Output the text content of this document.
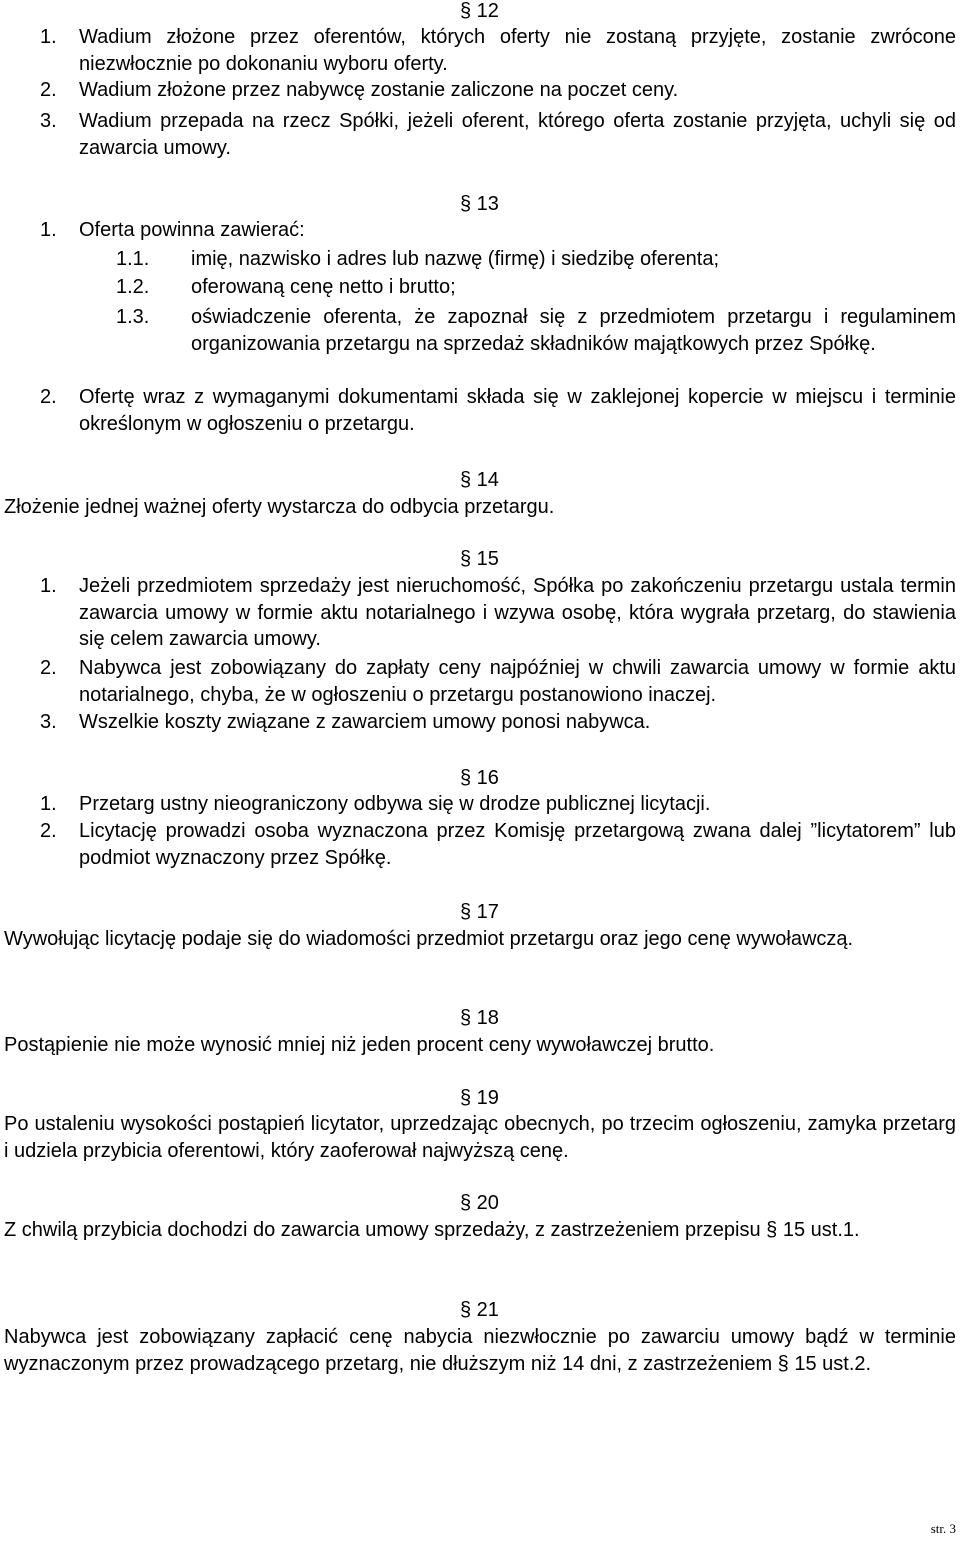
§ 12
1. Wadium złożone przez oferentów, których oferty nie zostaną przyjęte, zostanie zwrócone niezwłocznie po dokonaniu wyboru oferty.
2. Wadium złożone przez nabywcę zostanie zaliczone na poczet ceny.
3. Wadium przepada na rzecz Spółki, jeżeli oferent, którego oferta zostanie przyjęta, uchyli się od zawarcia umowy.
§ 13
1. Oferta powinna zawierać:
1.1. imię, nazwisko i adres lub nazwę (firmę) i siedzibę oferenta;
1.2. oferowaną cenę netto i brutto;
1.3. oświadczenie oferenta, że zapoznał się z przedmiotem przetargu i regulaminem organizowania przetargu na sprzedaż składników majątkowych przez Spółkę.
2. Ofertę wraz z wymaganymi dokumentami składa się w zaklejonej kopercie w miejscu i terminie określonym w ogłoszeniu o przetargu.
§ 14
Złożenie jednej ważnej oferty wystarcza do odbycia przetargu.
§ 15
1. Jeżeli przedmiotem sprzedaży jest nieruchomość, Spółka po zakończeniu przetargu ustala termin zawarcia umowy w formie aktu notarialnego i wzywa osobę, która wygrała przetarg, do stawienia się celem zawarcia umowy.
2. Nabywca jest zobowiązany do zapłaty ceny najpóźniej w chwili zawarcia umowy w formie aktu notarialnego, chyba, że w ogłoszeniu o przetargu postanowiono inaczej.
3. Wszelkie koszty związane z zawarciem umowy ponosi nabywca.
§ 16
1. Przetarg ustny nieograniczony odbywa się w drodze publicznej licytacji.
2. Licytację prowadzi osoba wyznaczona przez Komisję przetargową zwana dalej ”licytatorem” lub podmiot wyznaczony przez Spółkę.
§ 17
Wywołując licytację podaje się do wiadomości przedmiot przetargu oraz jego cenę wywoławczą.
§ 18
Postąpienie nie może wynosić mniej niż jeden procent ceny wywoławczej brutto.
§ 19
Po ustaleniu wysokości postąpień licytator, uprzedzając obecnych, po trzecim ogłoszeniu, zamyka przetarg i udziela przybicia oferentowi, który zaoferował najwyższą cenę.
§ 20
Z chwilą przybicia dochodzi do zawarcia umowy sprzedaży, z zastrzeżeniem przepisu § 15 ust.1.
§ 21
Nabywca jest zobowiązany zapłacić cenę nabycia niezwłocznie po zawarciu umowy bądź w terminie wyznaczonym przez prowadzącego przetarg, nie dłuższym niż 14 dni, z zastrzeżeniem § 15 ust.2.
str. 3
